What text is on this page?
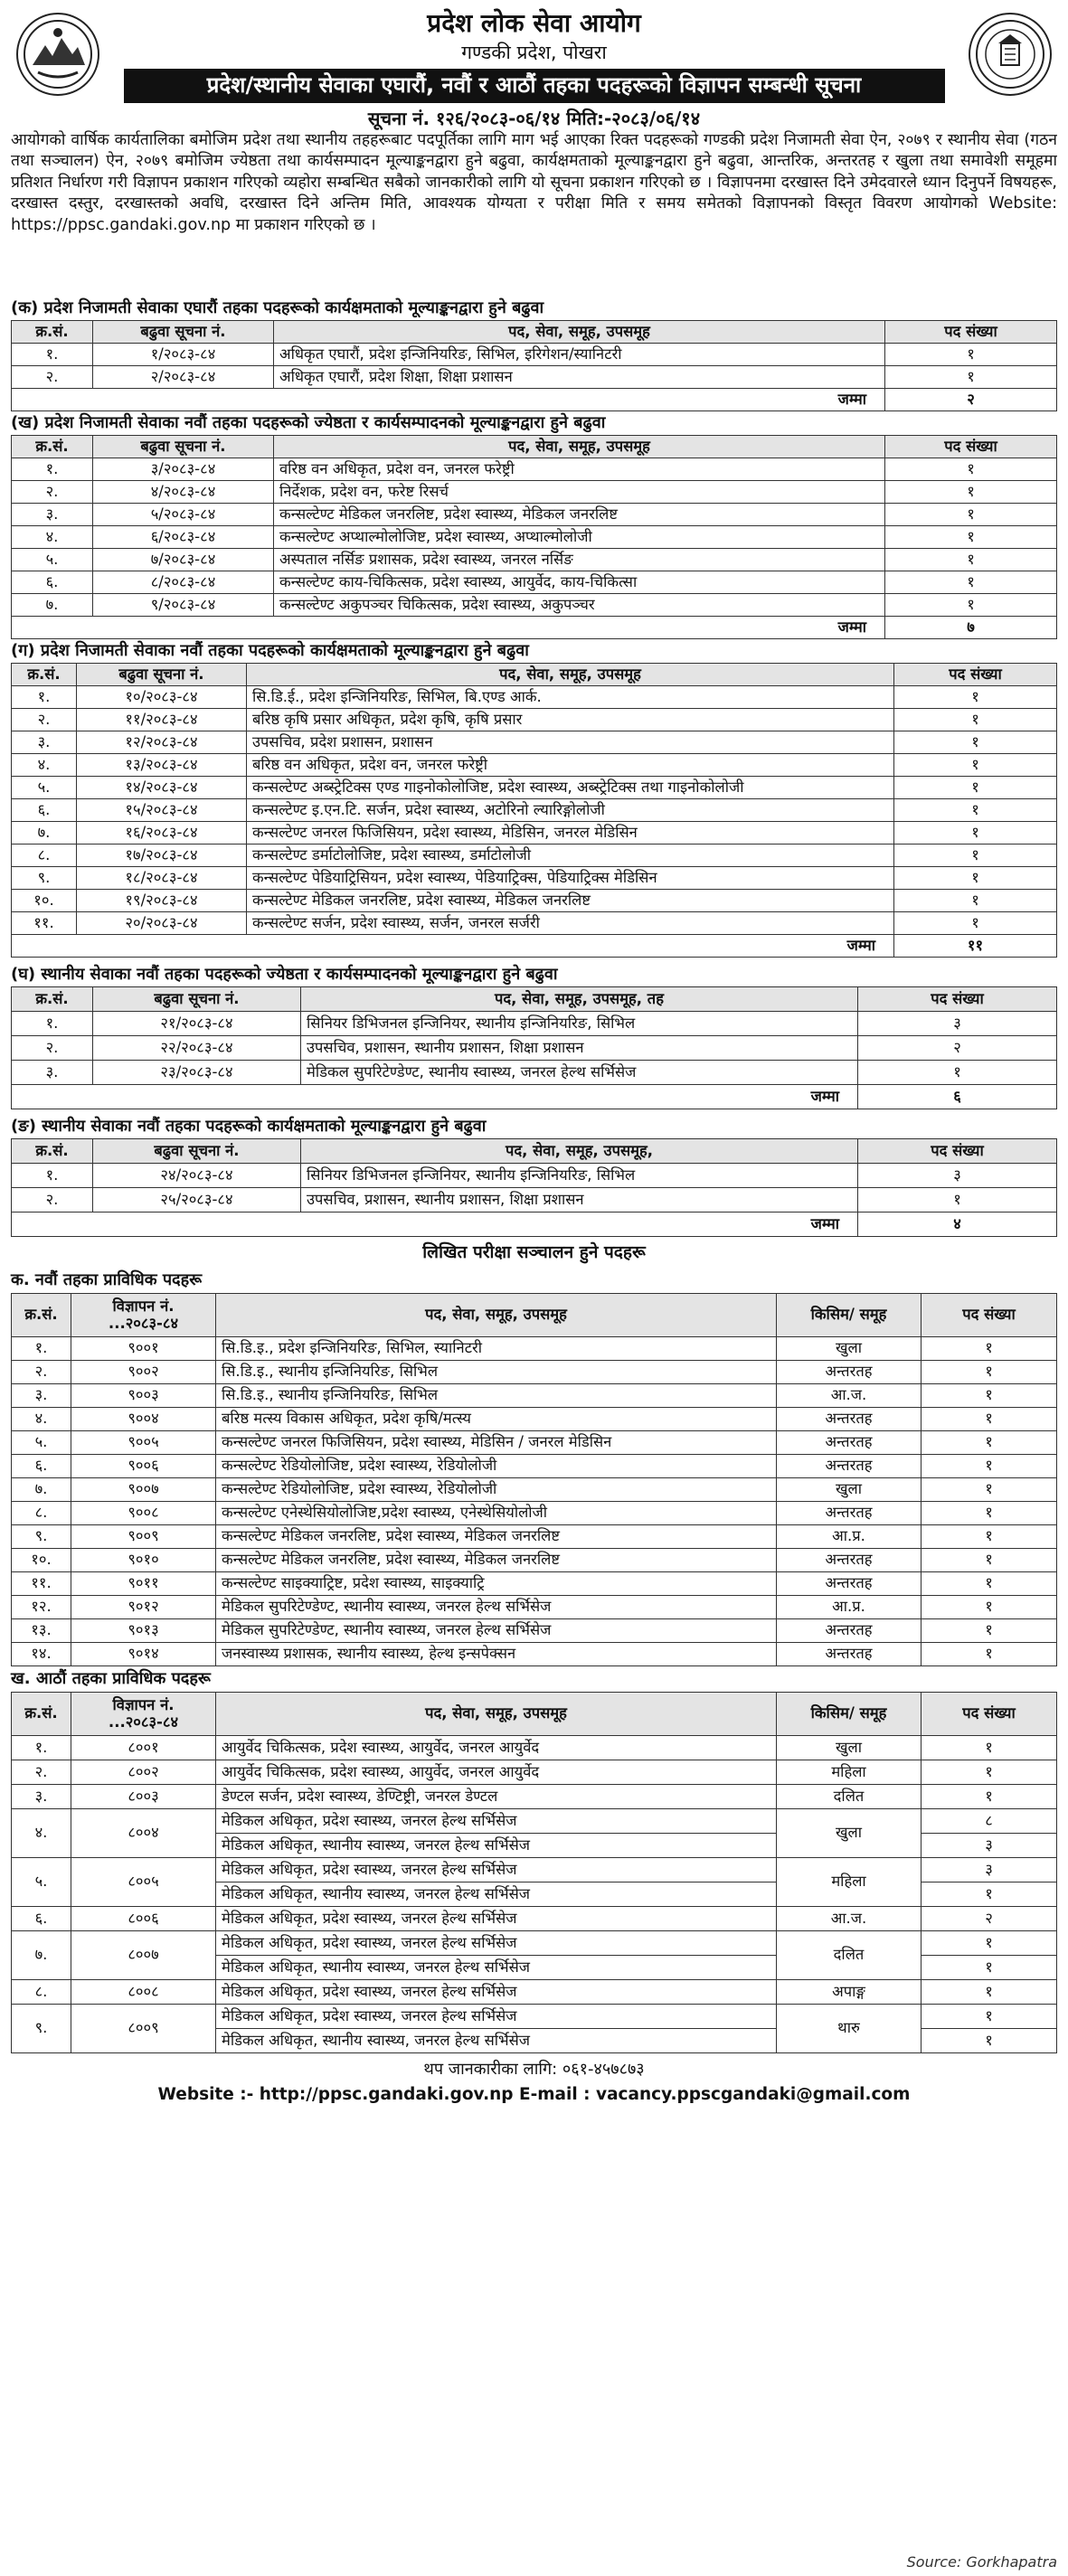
प्रदेश लोक सेवा आयोग
गण्डकी प्रदेश, पोखरा
प्रदेश/स्थानीय सेवाका एघारौं, नवौं र आठौं तहका पदहरूको विज्ञापन सम्बन्धी सूचना
सूचना नं. १२६/२०८३-०६/१४ मिति:-२०८३/०६/१४
आयोगको वार्षिक कार्यतालिका बमोजिम प्रदेश तथा स्थानीय तहहरूबाट पदपूर्तिका लागि माग भई आएका रिक्त पदहरूको गण्डकी प्रदेश निजामती सेवा ऐन, २०७९ र स्थानीय सेवा (गठन तथा सञ्चालन) ऐन, २०७९ बमोजिम ज्येष्ठता तथा कार्यसम्पादन मूल्याङ्कनद्वारा हुने बढुवा, कार्यक्षमताको मूल्याङ्कनद्वारा हुने बढुवा, आन्तरिक, अन्तरतह र खुला तथा समावेशी समूहमा प्रतिशत निर्धारण गरी विज्ञापन प्रकाशन गरिएको व्यहोरा सम्बन्धित सबैको जानकारीको लागि यो सूचना प्रकाशन गरिएको छ । विज्ञापनमा दरखास्त दिने उमेदवारले ध्यान दिनुपर्ने विषयहरू, दरखास्त दस्तुर, दरखास्तको अवधि, दरखास्त दिने अन्तिम मिति, आवश्यक योग्यता र परीक्षा मिति र समय समेतको विज्ञापनको विस्तृत विवरण आयोगको Website: https://ppsc.gandaki.gov.np मा प्रकाशन गरिएको छ ।
(क) प्रदेश निजामती सेवाका एघारौं तहका पदहरूको कार्यक्षमताको मूल्याङ्कनद्वारा हुने बढुवा
क्र.सं.	बढुवा सूचना नं.	पद, सेवा, समूह, उपसमूह	पद संख्या
१.	१/२०८३-८४	अधिकृत एघारौं, प्रदेश इन्जिनियरिङ, सिभिल, इरिगेशन/स्यानिटरी	१
२.	२/२०८३-८४	अधिकृत एघारौं, प्रदेश शिक्षा, शिक्षा प्रशासन	१
जम्मा			२
(ख) प्रदेश निजामती सेवाका नवौं तहका पदहरूको ज्येष्ठता र कार्यसम्पादनको मूल्याङ्कनद्वारा हुने बढुवा
क्र.सं.	बढुवा सूचना नं.	पद, सेवा, समूह, उपसमूह	पद संख्या
१.	३/२०८३-८४	वरिष्ठ वन अधिकृत, प्रदेश वन, जनरल फरेष्ट्री	१
२.	४/२०८३-८४	निर्देशक, प्रदेश वन, फरेष्ट रिसर्च	१
३.	५/२०८३-८४	कन्सल्टेण्ट मेडिकल जनरलिष्ट, प्रदेश स्वास्थ्य, मेडिकल जनरलिष्ट	१
४.	६/२०८३-८४	कन्सल्टेण्ट अप्थाल्मोलोजिष्ट, प्रदेश स्वास्थ्य, अप्थाल्मोलोजी	१
५.	७/२०८३-८४	अस्पताल नर्सिङ प्रशासक, प्रदेश स्वास्थ्य, जनरल नर्सिङ	१
६.	८/२०८३-८४	कन्सल्टेण्ट काय-चिकित्सक, प्रदेश स्वास्थ्य, आयुर्वेद, काय-चिकित्सा	१
७.	९/२०८३-८४	कन्सल्टेण्ट अकुपञ्चर चिकित्सक, प्रदेश स्वास्थ्य, अकुपञ्चर	१
जम्मा			७
(ग) प्रदेश निजामती सेवाका नवौं तहका पदहरूको कार्यक्षमताको मूल्याङ्कनद्वारा हुने बढुवा
क्र.सं.	बढुवा सूचना नं.	पद, सेवा, समूह, उपसमूह	पद संख्या
१.	१०/२०८३-८४	सि.डि.ई., प्रदेश इन्जिनियरिङ, सिभिल, बि.एण्ड आर्क.	१
२.	११/२०८३-८४	बरिष्ठ कृषि प्रसार अधिकृत, प्रदेश कृषि, कृषि प्रसार	१
३.	१२/२०८३-८४	उपसचिव, प्रदेश प्रशासन, प्रशासन	१
४.	१३/२०८३-८४	बरिष्ठ वन अधिकृत, प्रदेश वन, जनरल फरेष्ट्री	१
५.	१४/२०८३-८४	कन्सल्टेण्ट अब्स्ट्रेटिक्स एण्ड गाइनोकोलोजिष्ट, प्रदेश स्वास्थ्य, अब्स्ट्रेटिक्स तथा गाइनोकोलोजी	१
६.	१५/२०८३-८४	कन्सल्टेण्ट इ.एन.टि. सर्जन, प्रदेश स्वास्थ्य, अटोरिनो ल्यारिङ्गोलोजी	१
७.	१६/२०८३-८४	कन्सल्टेण्ट जनरल फिजिसियन, प्रदेश स्वास्थ्य, मेडिसिन, जनरल मेडिसिन	१
८.	१७/२०८३-८४	कन्सल्टेण्ट डर्माटोलोजिष्ट, प्रदेश स्वास्थ्य, डर्माटोलोजी	१
९.	१८/२०८३-८४	कन्सल्टेण्ट पेडियाट्रिसियन, प्रदेश स्वास्थ्य, पेडियाट्रिक्स, पेडियाट्रिक्स मेडिसिन	१
१०.	१९/२०८३-८४	कन्सल्टेण्ट मेडिकल जनरलिष्ट, प्रदेश स्वास्थ्य, मेडिकल जनरलिष्ट	१
११.	२०/२०८३-८४	कन्सल्टेण्ट सर्जन, प्रदेश स्वास्थ्य, सर्जन, जनरल सर्जरी	१
जम्मा			११
(घ) स्थानीय सेवाका नवौं तहका पदहरूको ज्येष्ठता र कार्यसम्पादनको मूल्याङ्कनद्वारा हुने बढुवा
क्र.सं.	बढुवा सूचना नं.	पद, सेवा, समूह, उपसमूह, तह	पद संख्या
१.	२१/२०८३-८४	सिनियर डिभिजनल इन्जिनियर, स्थानीय इन्जिनियरिङ, सिभिल	३
२.	२२/२०८३-८४	उपसचिव, प्रशासन, स्थानीय प्रशासन, शिक्षा प्रशासन	२
३.	२३/२०८३-८४	मेडिकल सुपरिटेण्डेण्ट, स्थानीय स्वास्थ्य, जनरल हेल्थ सर्भिसेज	१
जम्मा			६
(ङ) स्थानीय सेवाका नवौं तहका पदहरूको कार्यक्षमताको मूल्याङ्कनद्वारा हुने बढुवा
क्र.सं.	बढुवा सूचना नं.	पद, सेवा, समूह, उपसमूह,	पद संख्या
१.	२४/२०८३-८४	सिनियर डिभिजनल इन्जिनियर, स्थानीय इन्जिनियरिङ, सिभिल	३
२.	२५/२०८३-८४	उपसचिव, प्रशासन, स्थानीय प्रशासन, शिक्षा प्रशासन	१
जम्मा			४
लिखित परीक्षा सञ्चालन हुने पदहरू
क. नवौं तहका प्राविधिक पदहरू
क्र.सं.	विज्ञापन नं. ...२०८३-८४	पद, सेवा, समूह, उपसमूह	किसिम/ समूह	पद संख्या
१.	९००१	सि.डि.इ., प्रदेश इन्जिनियरिङ, सिभिल, स्यानिटरी	खुला	१
२.	९००२	सि.डि.इ., स्थानीय इन्जिनियरिङ, सिभिल	अन्तरतह	१
३.	९००३	सि.डि.इ., स्थानीय इन्जिनियरिङ, सिभिल	आ.ज.	१
४.	९००४	बरिष्ठ मत्स्य विकास अधिकृत, प्रदेश कृषि/मत्स्य	अन्तरतह	१
५.	९००५	कन्सल्टेण्ट जनरल फिजिसियन, प्रदेश स्वास्थ्य, मेडिसिन / जनरल मेडिसिन	अन्तरतह	१
६.	९००६	कन्सल्टेण्ट रेडियोलोजिष्ट, प्रदेश स्वास्थ्य, रेडियोलोजी	अन्तरतह	१
७.	९००७	कन्सल्टेण्ट रेडियोलोजिष्ट, प्रदेश स्वास्थ्य, रेडियोलोजी	खुला	१
८.	९००८	कन्सल्टेण्ट एनेस्थेसियोलोजिष्ट,प्रदेश स्वास्थ्य, एनेस्थेसियोलोजी	अन्तरतह	१
९.	९००९	कन्सल्टेण्ट मेडिकल जनरलिष्ट, प्रदेश स्वास्थ्य, मेडिकल जनरलिष्ट	आ.प्र.	१
१०.	९०१०	कन्सल्टेण्ट मेडिकल जनरलिष्ट, प्रदेश स्वास्थ्य, मेडिकल जनरलिष्ट	अन्तरतह	१
११.	९०११	कन्सल्टेण्ट साइक्याट्रिष्ट, प्रदेश स्वास्थ्य, साइक्याट्रि	अन्तरतह	१
१२.	९०१२	मेडिकल सुपरिटेण्डेण्ट, स्थानीय स्वास्थ्य, जनरल हेल्थ सर्भिसेज	आ.प्र.	१
१३.	९०१३	मेडिकल सुपरिटेण्डेण्ट, स्थानीय स्वास्थ्य, जनरल हेल्थ सर्भिसेज	अन्तरतह	१
१४.	९०१४	जनस्वास्थ्य प्रशासक, स्थानीय स्वास्थ्य, हेल्थ इन्सपेक्सन	अन्तरतह	१
ख. आठौं तहका प्राविधिक पदहरू
क्र.सं.	विज्ञापन नं. ...२०८३-८४	पद, सेवा, समूह, उपसमूह	किसिम/ समूह	पद संख्या
१.	८००१	आयुर्वेद चिकित्सक, प्रदेश स्वास्थ्य, आयुर्वेद, जनरल आयुर्वेद	खुला	१
२.	८००२	आयुर्वेद चिकित्सक, प्रदेश स्वास्थ्य, आयुर्वेद, जनरल आयुर्वेद	महिला	१
३.	८००३	डेण्टल सर्जन, प्रदेश स्वास्थ्य, डेण्टिष्ट्री, जनरल डेण्टल	दलित	१
४.	८००४	मेडिकल अधिकृत, प्रदेश स्वास्थ्य, जनरल हेल्थ सर्भिसेज	खुला	८
		मेडिकल अधिकृत, स्थानीय स्वास्थ्य, जनरल हेल्थ सर्भिसेज		३
५.	८००५	मेडिकल अधिकृत, प्रदेश स्वास्थ्य, जनरल हेल्थ सर्भिसेज	महिला	३
		मेडिकल अधिकृत, स्थानीय स्वास्थ्य, जनरल हेल्थ सर्भिसेज		१
६.	८००६	मेडिकल अधिकृत, प्रदेश स्वास्थ्य, जनरल हेल्थ सर्भिसेज	आ.ज.	२
७.	८००७	मेडिकल अधिकृत, प्रदेश स्वास्थ्य, जनरल हेल्थ सर्भिसेज	दलित	१
		मेडिकल अधिकृत, स्थानीय स्वास्थ्य, जनरल हेल्थ सर्भिसेज		१
८.	८००८	मेडिकल अधिकृत, प्रदेश स्वास्थ्य, जनरल हेल्थ सर्भिसेज	अपाङ्ग	१
९.	८००९	मेडिकल अधिकृत, प्रदेश स्वास्थ्य, जनरल हेल्थ सर्भिसेज	थारु	१
		मेडिकल अधिकृत, स्थानीय स्वास्थ्य, जनरल हेल्थ सर्भिसेज		१
थप जानकारीका लागि: ०६१-४५७८७३
Website :- http://ppsc.gandaki.gov.np E-mail : vacancy.ppscgandaki@gmail.com
Source: Gorkhapatra
